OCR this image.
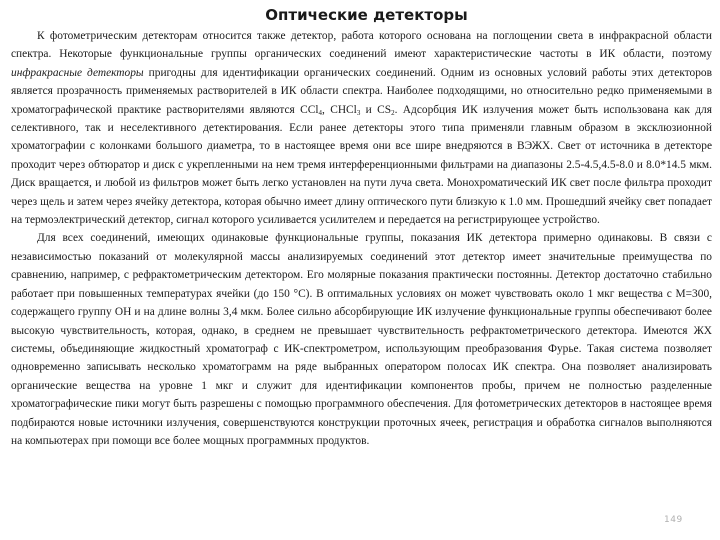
Оптические детекторы

К фотометрическим детекторам относится также детектор, работа которого основана на поглощении света в инфракрасной области спектра. Некоторые функциональные группы органических соединений имеют характеристические частоты в ИК области, поэтому инфракрасные детекторы пригодны для идентификации органических соединений. Одним из основных условий работы этих детекторов является прозрачность применяемых растворителей в ИК области спектра. Наиболее подходящими, но относительно редко применяемыми в хроматографической практике растворителями являются CCl$_4$, CHCl$_3$ и $CS_2$. Адсорбция ИК излучения может быть использована как для селективного, так и неселективного детектирования. Если ранее детекторы этого типа применяли главным образом в эксклюзионной хроматографии с колонками большого диаметра, то в настоящее время они все шире внедряются в ВЭЖХ. Свет от источника в детекторе проходит через обтюратор и диск с укрепленными на нем тремя интерференционными фильтрами на диапазоны 2.5-4.5,4.5-8.0 и 8.0*14.5 мкм. Диск вращается, и любой из фильтров может быть легко установлен на пути луча света. Монохроматический ИК свет после фильтра проходит через щель и затем через ячейку детектора, которая обычно имеет длину оптического пути близкую к 1.0 мм. Прошедший ячейку свет попадает на термоэлектрический детектор, сигнал которого усиливается усилителем и передается на регистрирующее устройство.

Для всех соединений, имеющих одинаковые функциональные группы, показания ИК детектора примерно одинаковы. В связи с независимостью показаний от молекулярной массы анализируемых соединений этот детектор имеет значительные преимущества по сравнению, например, с рефрактометрическим детектором. Его молярные показания практически постоянны. Детектор достаточно стабильно работает при повышенных температурах ячейки (до 150 °С). В оптимальных условиях он может чувствовать около 1 мкг вещества с М=300, содержащего группу ОН и на длине волны 3,4 мкм. Более сильно абсорбирующие ИК излучение функциональные группы обеспечивают более высокую чувствительность, которая, однако, в среднем не превышает чувствительность рефрактометрического детектора. Имеются ЖХ системы, объединяющие жидкостный хроматограф с ИК-спектрометром, использующим преобразования Фурье. Такая система позволяет одновременно записывать несколько хроматограмм на ряде выбранных оператором полосах ИК спектра. Она позволяет анализировать органические вещества на уровне 1 мкг и служит для идентификации компонентов пробы, причем не полностью разделенные хроматографические пики могут быть разрешены с помощью программного обеспечения. Для фотометрических детекторов в настоящее время подбираются новые источники излучения, совершенствуются конструкции проточных ячеек, регистрация и обработка сигналов выполняются на компьютерах при помощи все более мощных программных продуктов.

149
